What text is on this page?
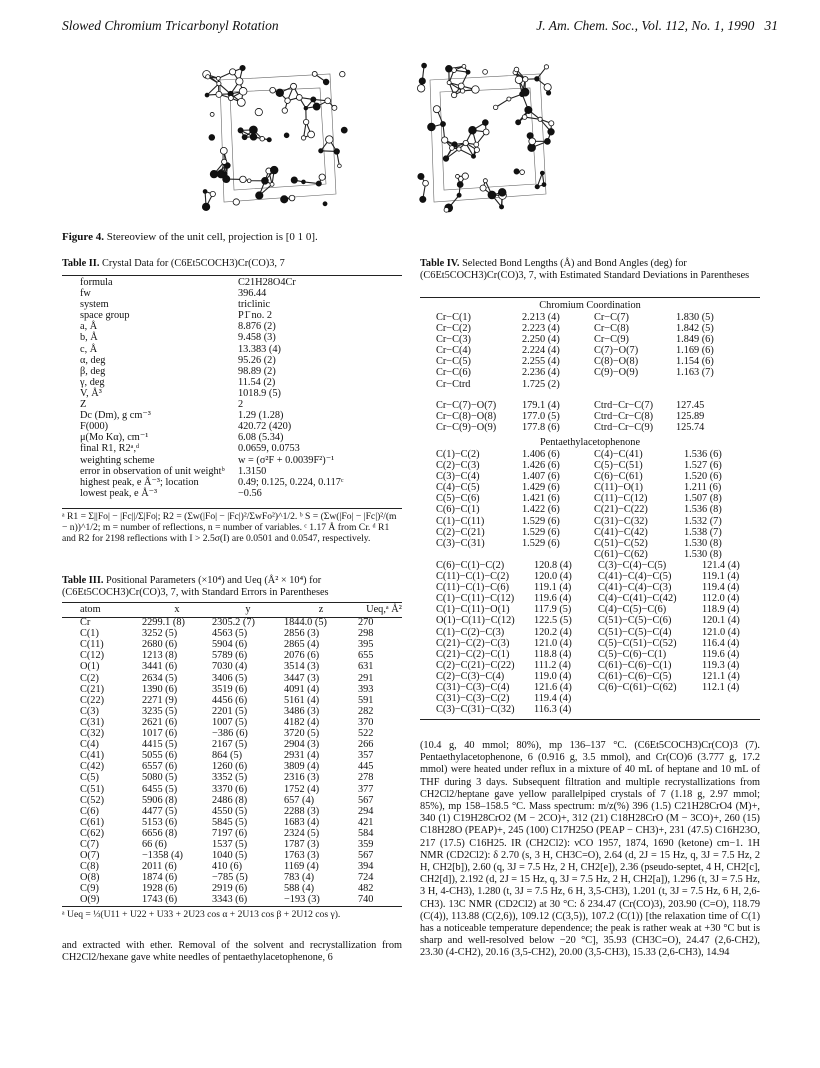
Slowed Chromium Tricarbonyl Rotation	J. Am. Chem. Soc., Vol. 112, No. 1, 1990 31
Figure 4. Stereoview of the unit cell, projection is [0 1 0].
Table II. Crystal Data for (C6Et5COCH3)Cr(CO)3, 7
formula	C21H28O4Cr
fw	396.44
system	triclinic
space group	P1̄ no. 2
a, Å	8.876 (2)
b, Å	9.458 (3)
c, Å	13.383 (4)
α, deg	95.26 (2)
β, deg	98.89 (2)
γ, deg	11.54 (2)
V, Å³	1018.9 (5)
Z	2
Dc (Dm), g cm⁻³	1.29 (1.28)
F(000)	420.72 (420)
μ(Mo Kα), cm⁻¹	6.08 (5.34)
final R1, R2ᵃ,ᵈ	0.0659, 0.0753
weighting scheme	w = (σ²F + 0.0039F²)⁻¹
error in observation of unit weightᵇ	1.3150
highest peak, e Å⁻³; location	0.49; 0.125, 0.224, 0.117ᶜ
lowest peak, e Å⁻³	−0.56
ᵃ R1 = Σ||Fo| − |Fc||/Σ|Fo|; R2 = (Σw(|Fo| − |Fc|)²/ΣwFo²)^1/2. ᵇ S = (Σw(|Fo| − |Fc|)²/(m − n))^1/2; m = number of reflections, n = number of variables. ᶜ 1.17 Å from Cr. ᵈ R1 and R2 for 2198 reflections with I > 2.5σ(I) are 0.0501 and 0.0547, respectively.
Table III. Positional Parameters (×10⁴) and Ueq (Å² × 10⁴) for (C6Et5COCH3)Cr(CO)3, 7, with Standard Errors in Parentheses
atom	x	y	z	Ueq,ᵃ Å²
Cr	2299.1 (8)	2305.2 (7)	1844.0 (5)	270
C(1)	3252 (5)	4563 (5)	2856 (3)	298
C(11)	2680 (6)	5904 (6)	2865 (4)	395
C(12)	1213 (8)	5789 (6)	2076 (6)	655
O(1)	3441 (6)	7030 (4)	3514 (3)	631
C(2)	2634 (5)	3406 (5)	3447 (3)	291
C(21)	1390 (6)	3519 (6)	4091 (4)	393
C(22)	2271 (9)	4456 (6)	5161 (4)	591
C(3)	3235 (5)	2201 (5)	3486 (3)	282
C(31)	2621 (6)	1007 (5)	4182 (4)	370
C(32)	1017 (6)	−386 (6)	3720 (5)	522
C(4)	4415 (5)	2167 (5)	2904 (3)	266
C(41)	5055 (6)	864 (5)	2931 (4)	357
C(42)	6557 (6)	1260 (6)	3809 (4)	445
C(5)	5080 (5)	3352 (5)	2316 (3)	278
C(51)	6455 (5)	3370 (6)	1752 (4)	377
C(52)	5906 (8)	2486 (8)	657 (4)	567
C(6)	4477 (5)	4550 (5)	2288 (3)	294
C(61)	5153 (6)	5845 (5)	1683 (4)	421
C(62)	6656 (8)	7197 (6)	2324 (5)	584
C(7)	66 (6)	1537 (5)	1787 (3)	359
O(7)	−1358 (4)	1040 (5)	1763 (3)	567
C(8)	2011 (6)	410 (6)	1169 (4)	394
O(8)	1874 (6)	−785 (5)	783 (4)	724
C(9)	1928 (6)	2919 (6)	588 (4)	482
O(9)	1743 (6)	3343 (6)	−193 (3)	740
ᵃ Ueq = ⅓(U11 + U22 + U33 + 2U23 cos α + 2U13 cos β + 2U12 cos γ).
and extracted with ether. Removal of the solvent and recrystallization from CH2Cl2/hexane gave white needles of pentaethylacetophenone, 6
Table IV. Selected Bond Lengths (Å) and Bond Angles (deg) for (C6Et5COCH3)Cr(CO)3, 7, with Estimated Standard Deviations in Parentheses
Chromium Coordination
Cr−C(1)	2.213 (4)	Cr−C(7)	1.830 (5)
Cr−C(2)	2.223 (4)	Cr−C(8)	1.842 (5)
Cr−C(3)	2.250 (4)	Cr−C(9)	1.849 (6)
Cr−C(4)	2.224 (4)	C(7)−O(7)	1.169 (6)
Cr−C(5)	2.255 (4)	C(8)−O(8)	1.154 (6)
Cr−C(6)	2.236 (4)	C(9)−O(9)	1.163 (7)
Cr−Ctrd	1.725 (2)		
Cr−C(7)−O(7)	179.1 (4)	Ctrd−Cr−C(7)	127.45
Cr−C(8)−O(8)	177.0 (5)	Ctrd−Cr−C(8)	125.89
Cr−C(9)−O(9)	177.8 (6)	Ctrd−Cr−C(9)	125.74
Pentaethylacetophenone
C(1)−C(2)	1.406 (6)	C(4)−C(41)	1.536 (6)
C(2)−C(3)	1.426 (6)	C(5)−C(51)	1.527 (6)
C(3)−C(4)	1.407 (6)	C(6)−C(61)	1.520 (6)
C(4)−C(5)	1.429 (6)	C(11)−O(1)	1.211 (6)
C(5)−C(6)	1.421 (6)	C(11)−C(12)	1.507 (8)
C(6)−C(1)	1.422 (6)	C(21)−C(22)	1.536 (8)
C(1)−C(11)	1.529 (6)	C(31)−C(32)	1.532 (7)
C(2)−C(21)	1.529 (6)	C(41)−C(42)	1.538 (7)
C(3)−C(31)	1.529 (6)	C(51)−C(52)	1.530 (8)
		C(61)−C(62)	1.530 (8)
C(6)−C(1)−C(2)	120.8 (4)	C(3)−C(4)−C(5)	121.4 (4)
C(11)−C(1)−C(2)	120.0 (4)	C(41)−C(4)−C(5)	119.1 (4)
C(11)−C(1)−C(6)	119.1 (4)	C(41)−C(4)−C(3)	119.4 (4)
C(1)−C(11)−C(12)	119.6 (4)	C(4)−C(41)−C(42)	112.0 (4)
C(1)−C(11)−O(1)	117.9 (5)	C(4)−C(5)−C(6)	118.9 (4)
O(1)−C(11)−C(12)	122.5 (5)	C(51)−C(5)−C(6)	120.1 (4)
C(1)−C(2)−C(3)	120.2 (4)	C(51)−C(5)−C(4)	121.0 (4)
C(21)−C(2)−C(3)	121.0 (4)	C(5)−C(51)−C(52)	116.4 (4)
C(21)−C(2)−C(1)	118.8 (4)	C(5)−C(6)−C(1)	119.6 (4)
C(2)−C(21)−C(22)	111.2 (4)	C(61)−C(6)−C(1)	119.3 (4)
C(2)−C(3)−C(4)	119.0 (4)	C(61)−C(6)−C(5)	121.1 (4)
C(31)−C(3)−C(4)	121.6 (4)	C(6)−C(61)−C(62)	112.1 (4)
C(31)−C(3)−C(2)	119.4 (4)		
C(3)−C(31)−C(32)	116.3 (4)		
(10.4 g, 40 mmol; 80%), mp 136–137 °C. (C6Et5COCH3)Cr(CO)3 (7). Pentaethylacetophenone, 6 (0.916 g, 3.5 mmol), and Cr(CO)6 (3.777 g, 17.2 mmol) were heated under reflux in a mixture of 40 mL of heptane and 10 mL of THF during 3 days. Subsequent filtration and multiple recrystallizations from CH2Cl2/heptane gave yellow parallelpiped crystals of 7 (1.18 g, 2.97 mmol; 85%), mp 158–158.5 °C. Mass spectrum: m/z(%) 396 (1.5) C21H28CrO4 (M)+, 340 (1) C19H28CrO2 (M − 2CO)+, 312 (21) C18H28CrO (M − 3CO)+, 260 (15) C18H28O (PEAP)+, 245 (100) C17H25O (PEAP − CH3)+, 231 (47.5) C16H23O, 217 (17.5) C16H25. IR (CH2Cl2): νCO 1957, 1874, 1690 (ketone) cm−1. 1H NMR (CD2Cl2): δ 2.70 (s, 3 H, CH3C=O), 2.64 (d, 2J = 15 Hz, q, 3J = 7.5 Hz, 2 H, CH2[b]), 2.60 (q, 3J = 7.5 Hz, 2 H, CH2[e]), 2.36 (pseudo-septet, 4 H, CH2[c], CH2[d]), 2.192 (d, 2J = 15 Hz, q, 3J = 7.5 Hz, 2 H, CH2[a]), 1.296 (t, 3J = 7.5 Hz, 3 H, 4-CH3), 1.280 (t, 3J = 7.5 Hz, 6 H, 3,5-CH3), 1.201 (t, 3J = 7.5 Hz, 6 H, 2,6-CH3). 13C NMR (CD2Cl2) at 30 °C: δ 234.47 (Cr(CO)3), 203.90 (C=O), 118.79 (C(4)), 113.88 (C(2,6)), 109.12 (C(3,5)), 107.2 (C(1)) [the relaxation time of C(1) has a noticeable temperature dependence; the peak is rather weak at +30 °C but is sharp and well-resolved below −20 °C], 35.93 (CH3C=O), 24.47 (2,6-CH2), 23.30 (4-CH2), 20.16 (3,5-CH2), 20.00 (3,5-CH3), 15.33 (2,6-CH3), 14.94
